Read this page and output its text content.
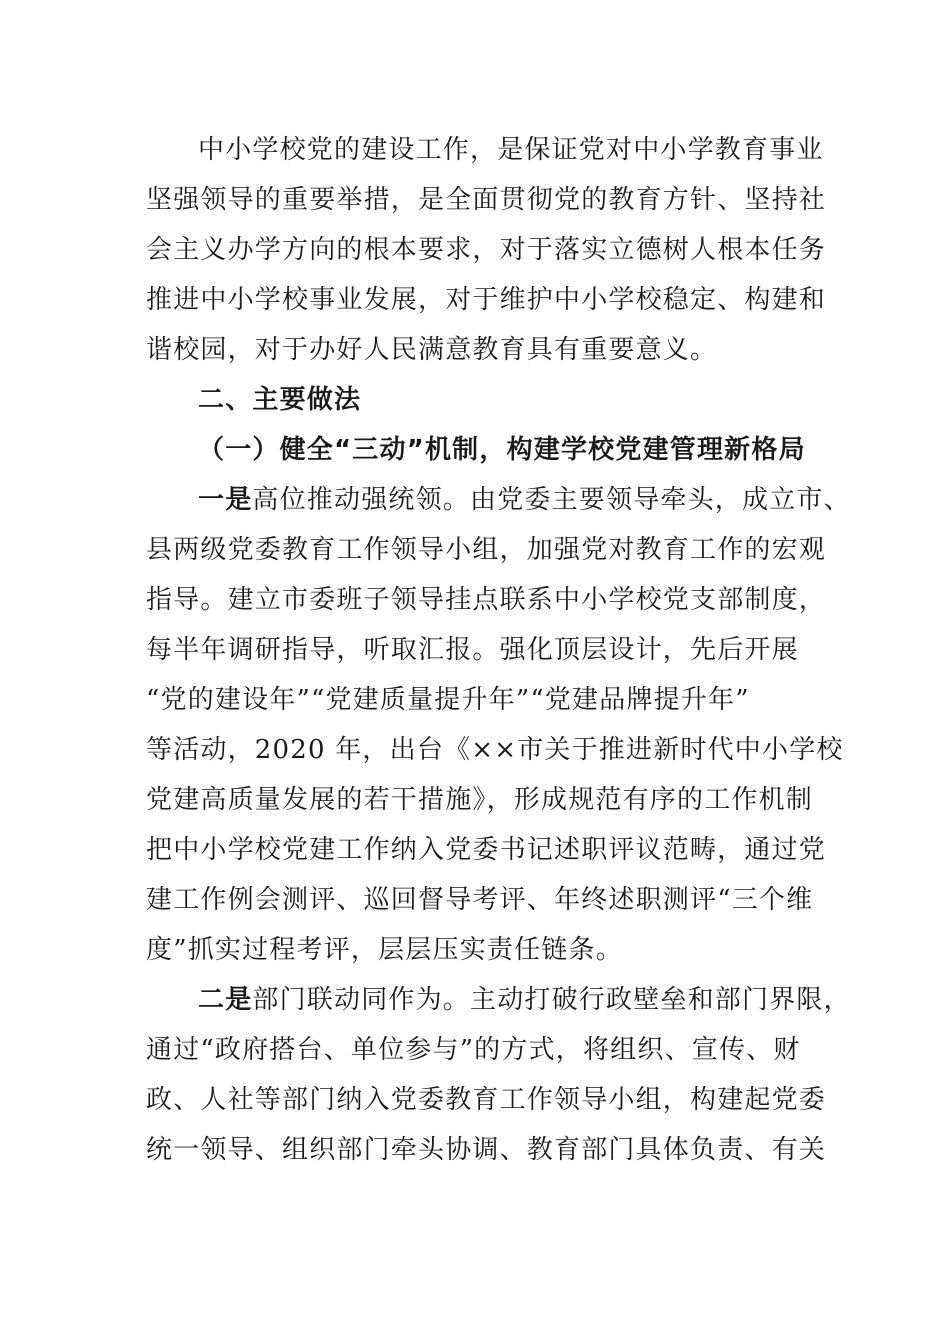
中小学校党的建设工作，是保证党对中小学教育事业
坚强领导的重要举措，是全面贯彻党的教育方针、坚持社
会主义办学方向的根本要求，对于落实立德树人根本任务
推进中小学校事业发展，对于维护中小学校稳定、构建和
谐校园，对于办好人民满意教育具有重要意义。
二、主要做法
（一）健全“三动”机制，构建学校党建管理新格局
一是高位推动强统领。由党委主要领导牵头，成立市、
县两级党委教育工作领导小组，加强党对教育工作的宏观
指导。建立市委班子领导挂点联系中小学校党支部制度，
每半年调研指导，听取汇报。强化顶层设计，先后开展
“党的建设年”“党建质量提升年”“党建品牌提升年”
等活动，2020 年，出台《××市关于推进新时代中小学校
党建高质量发展的若干措施》，形成规范有序的工作机制
把中小学校党建工作纳入党委书记述职评议范畴，通过党
建工作例会测评、巡回督导考评、年终述职测评“三个维
度”抓实过程考评，层层压实责任链条。
二是部门联动同作为。主动打破行政壁垒和部门界限，
通过“政府搭台、单位参与”的方式，将组织、宣传、财
政、人社等部门纳入党委教育工作领导小组，构建起党委
统一领导、组织部门牵头协调、教育部门具体负责、有关
